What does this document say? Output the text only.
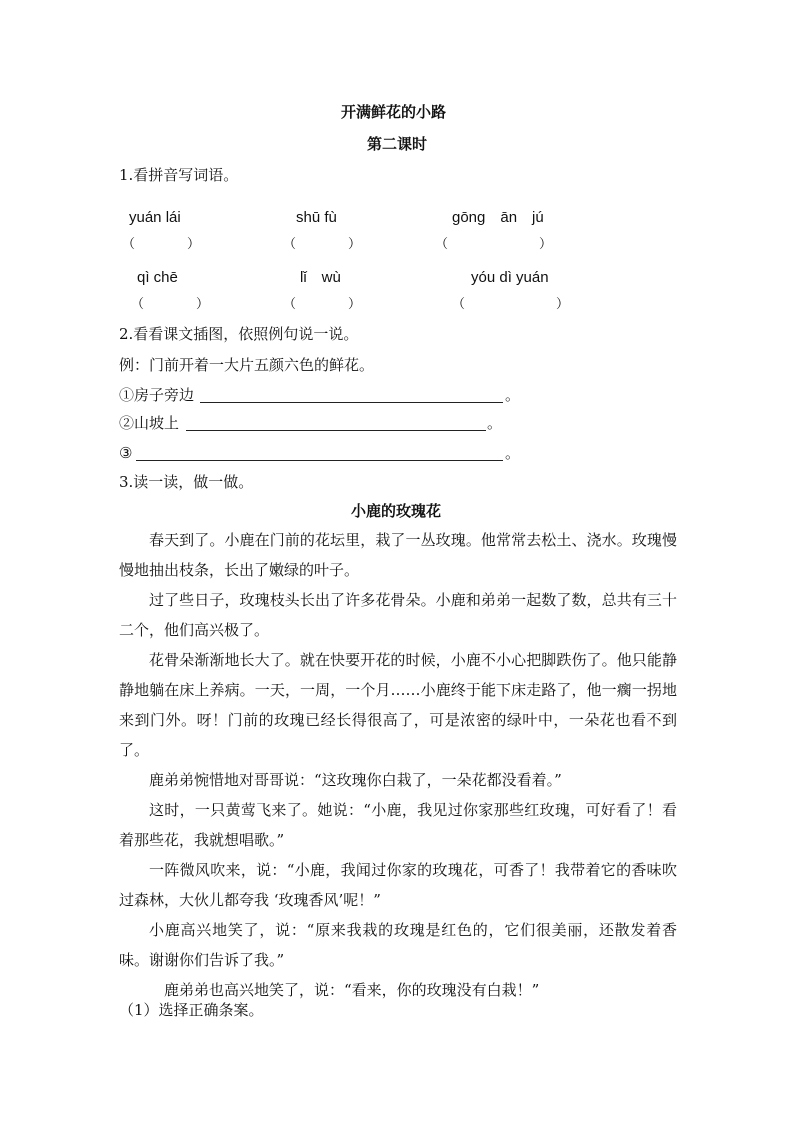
开满鲜花的小路
第二课时
1.看拼音写词语。
yuán lái
（　　　　）
shū fù
（　　　　）
gōng　ān　jú
（　　　　　　　）
qì chē
（　　　　）
lǐ　wù
（　　　　）
yóu dì yuán
（　　　　　　　）
2.看看课文插图，依照例句说一说。
例：门前开着一大片五颜六色的鲜花。
①房子旁边	。
②山坡上	。
③	。
3.读一读，做一做。
小鹿的玫瑰花

春天到了。小鹿在门前的花坛里，栽了一丛玫瑰。他常常去松土、浇水。玫瑰慢慢地抽出枝条，长出了嫩绿的叶子。

过了些日子，玫瑰枝头长出了许多花骨朵。小鹿和弟弟一起数了数，总共有三十二个，他们高兴极了。

花骨朵渐渐地长大了。就在快要开花的时候，小鹿不小心把脚跌伤了。他只能静静地躺在床上养病。一天，一周，一个月……小鹿终于能下床走路了，他一瘸一拐地来到门外。呀！门前的玫瑰已经长得很高了，可是浓密的绿叶中，一朵花也看不到了。

鹿弟弟惋惜地对哥哥说：“这玫瑰你白栽了，一朵花都没看着。”

这时，一只黄莺飞来了。她说：“小鹿，我见过你家那些红玫瑰，可好看了！看着那些花，我就想唱歌。”

一阵微风吹来，说：“小鹿，我闻过你家的玫瑰花，可香了！我带着它的香味吹过森林，大伙儿都夸我 ‘玫瑰香风’呢！”

小鹿高兴地笑了，说：“原来我栽的玫瑰是红色的，它们很美丽，还散发着香味。谢谢你们告诉了我。”

鹿弟弟也高兴地笑了，说：“看来，你的玫瑰没有白栽！”

（1）选择正确条案。
